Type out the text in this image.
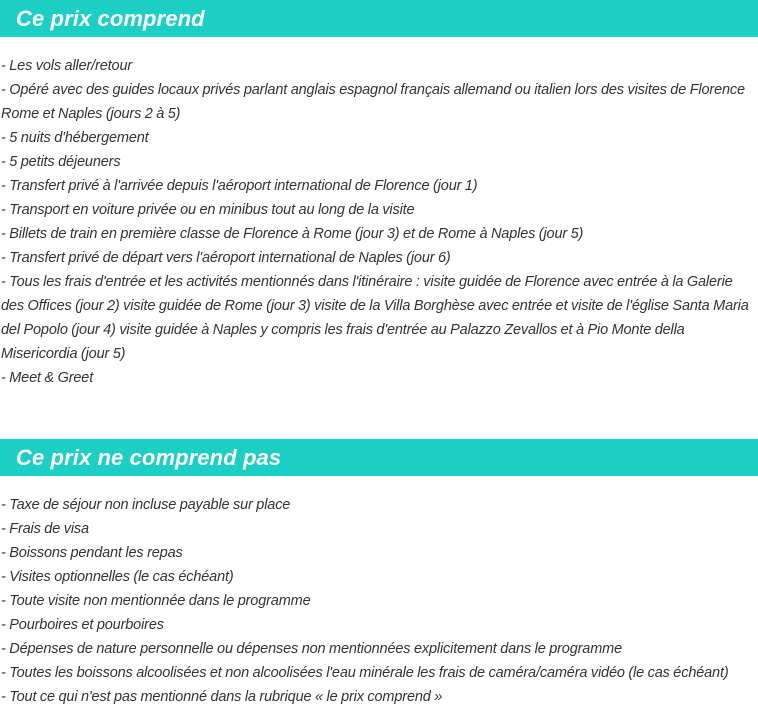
Ce prix comprend
- Les vols aller/retour
- Opéré avec des guides locaux privés parlant anglais espagnol français allemand ou italien lors des visites de Florence Rome et Naples (jours 2 à 5)
- 5 nuits d'hébergement
- 5 petits déjeuners
- Transfert privé à l'arrivée depuis l'aéroport international de Florence (jour 1)
- Transport en voiture privée ou en minibus tout au long de la visite
- Billets de train en première classe de Florence à Rome (jour 3) et de Rome à Naples (jour 5)
- Transfert privé de départ vers l'aéroport international de Naples (jour 6)
- Tous les frais d'entrée et les activités mentionnés dans l'itinéraire : visite guidée de Florence avec entrée à la Galerie des Offices (jour 2) visite guidée de Rome (jour 3) visite de la Villa Borghèse avec entrée et visite de l'église Santa Maria del Popolo (jour 4) visite guidée à Naples y compris les frais d'entrée au Palazzo Zevallos et à Pio Monte della Misericordia (jour 5)
- Meet & Greet
Ce prix ne comprend pas
- Taxe de séjour non incluse payable sur place
- Frais de visa
- Boissons pendant les repas
- Visites optionnelles (le cas échéant)
- Toute visite non mentionnée dans le programme
- Pourboires et pourboires
- Dépenses de nature personnelle ou dépenses non mentionnées explicitement dans le programme
- Toutes les boissons alcoolisées et non alcoolisées l'eau minérale les frais de caméra/caméra vidéo (le cas échéant)
- Tout ce qui n'est pas mentionné dans la rubrique « le prix comprend »
